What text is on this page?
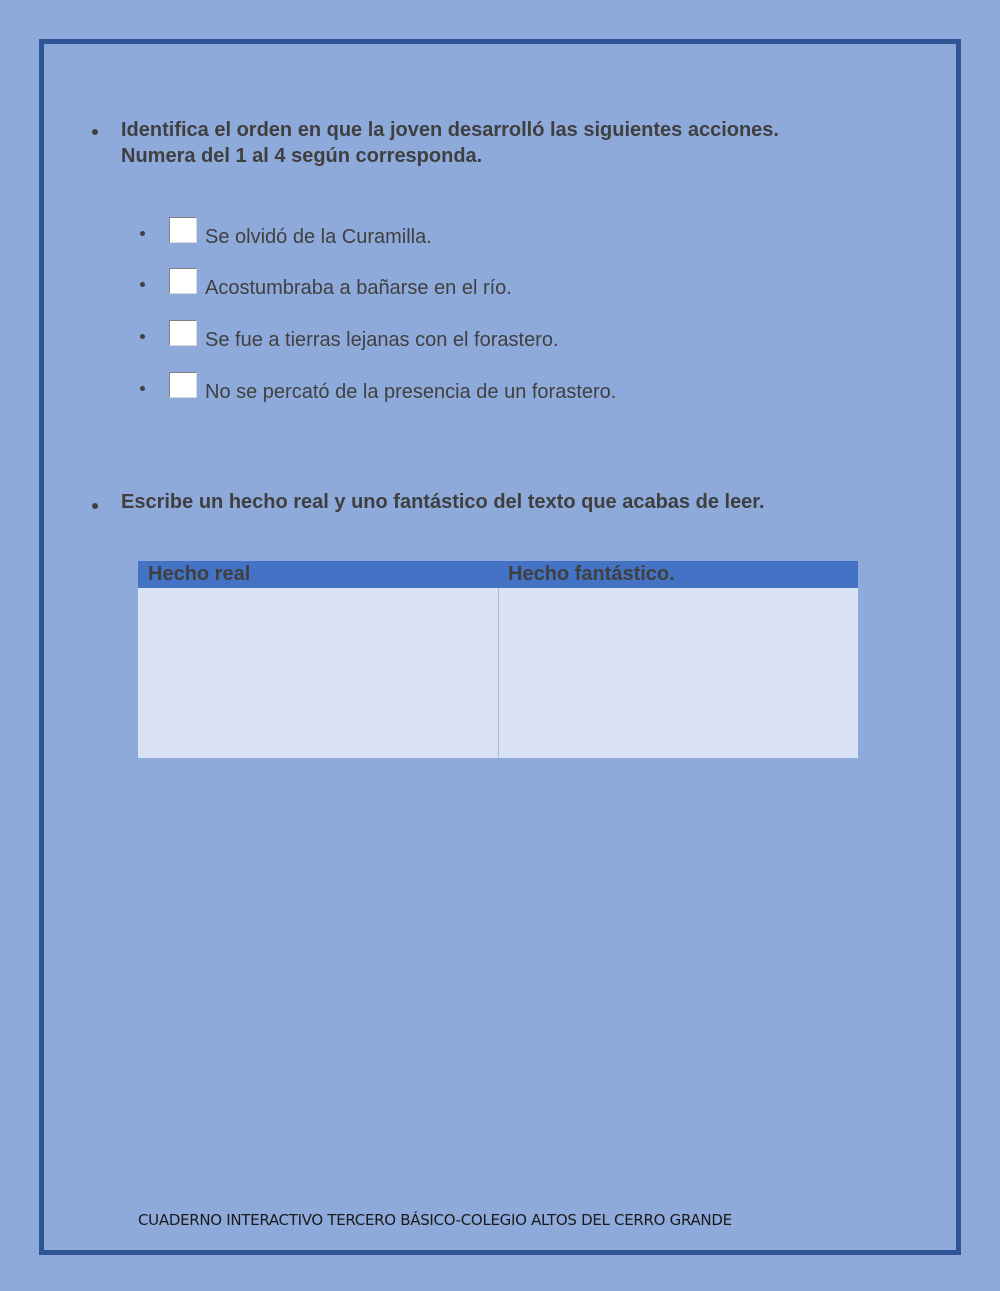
Identifica el orden en que la joven desarrolló las siguientes acciones.
Numera del 1 al 4 según corresponda.
Se olvidó de la Curamilla.
Acostumbraba a bañarse en el río.
Se fue a tierras lejanas con el forastero.
No se percató de la presencia de un forastero.
Escribe un hecho real y uno fantástico del texto que acabas de leer.
Hecho real	Hecho fantástico.

CUADERNO INTERACTIVO TERCERO BÁSICO-COLEGIO ALTOS DEL CERRO GRANDE
